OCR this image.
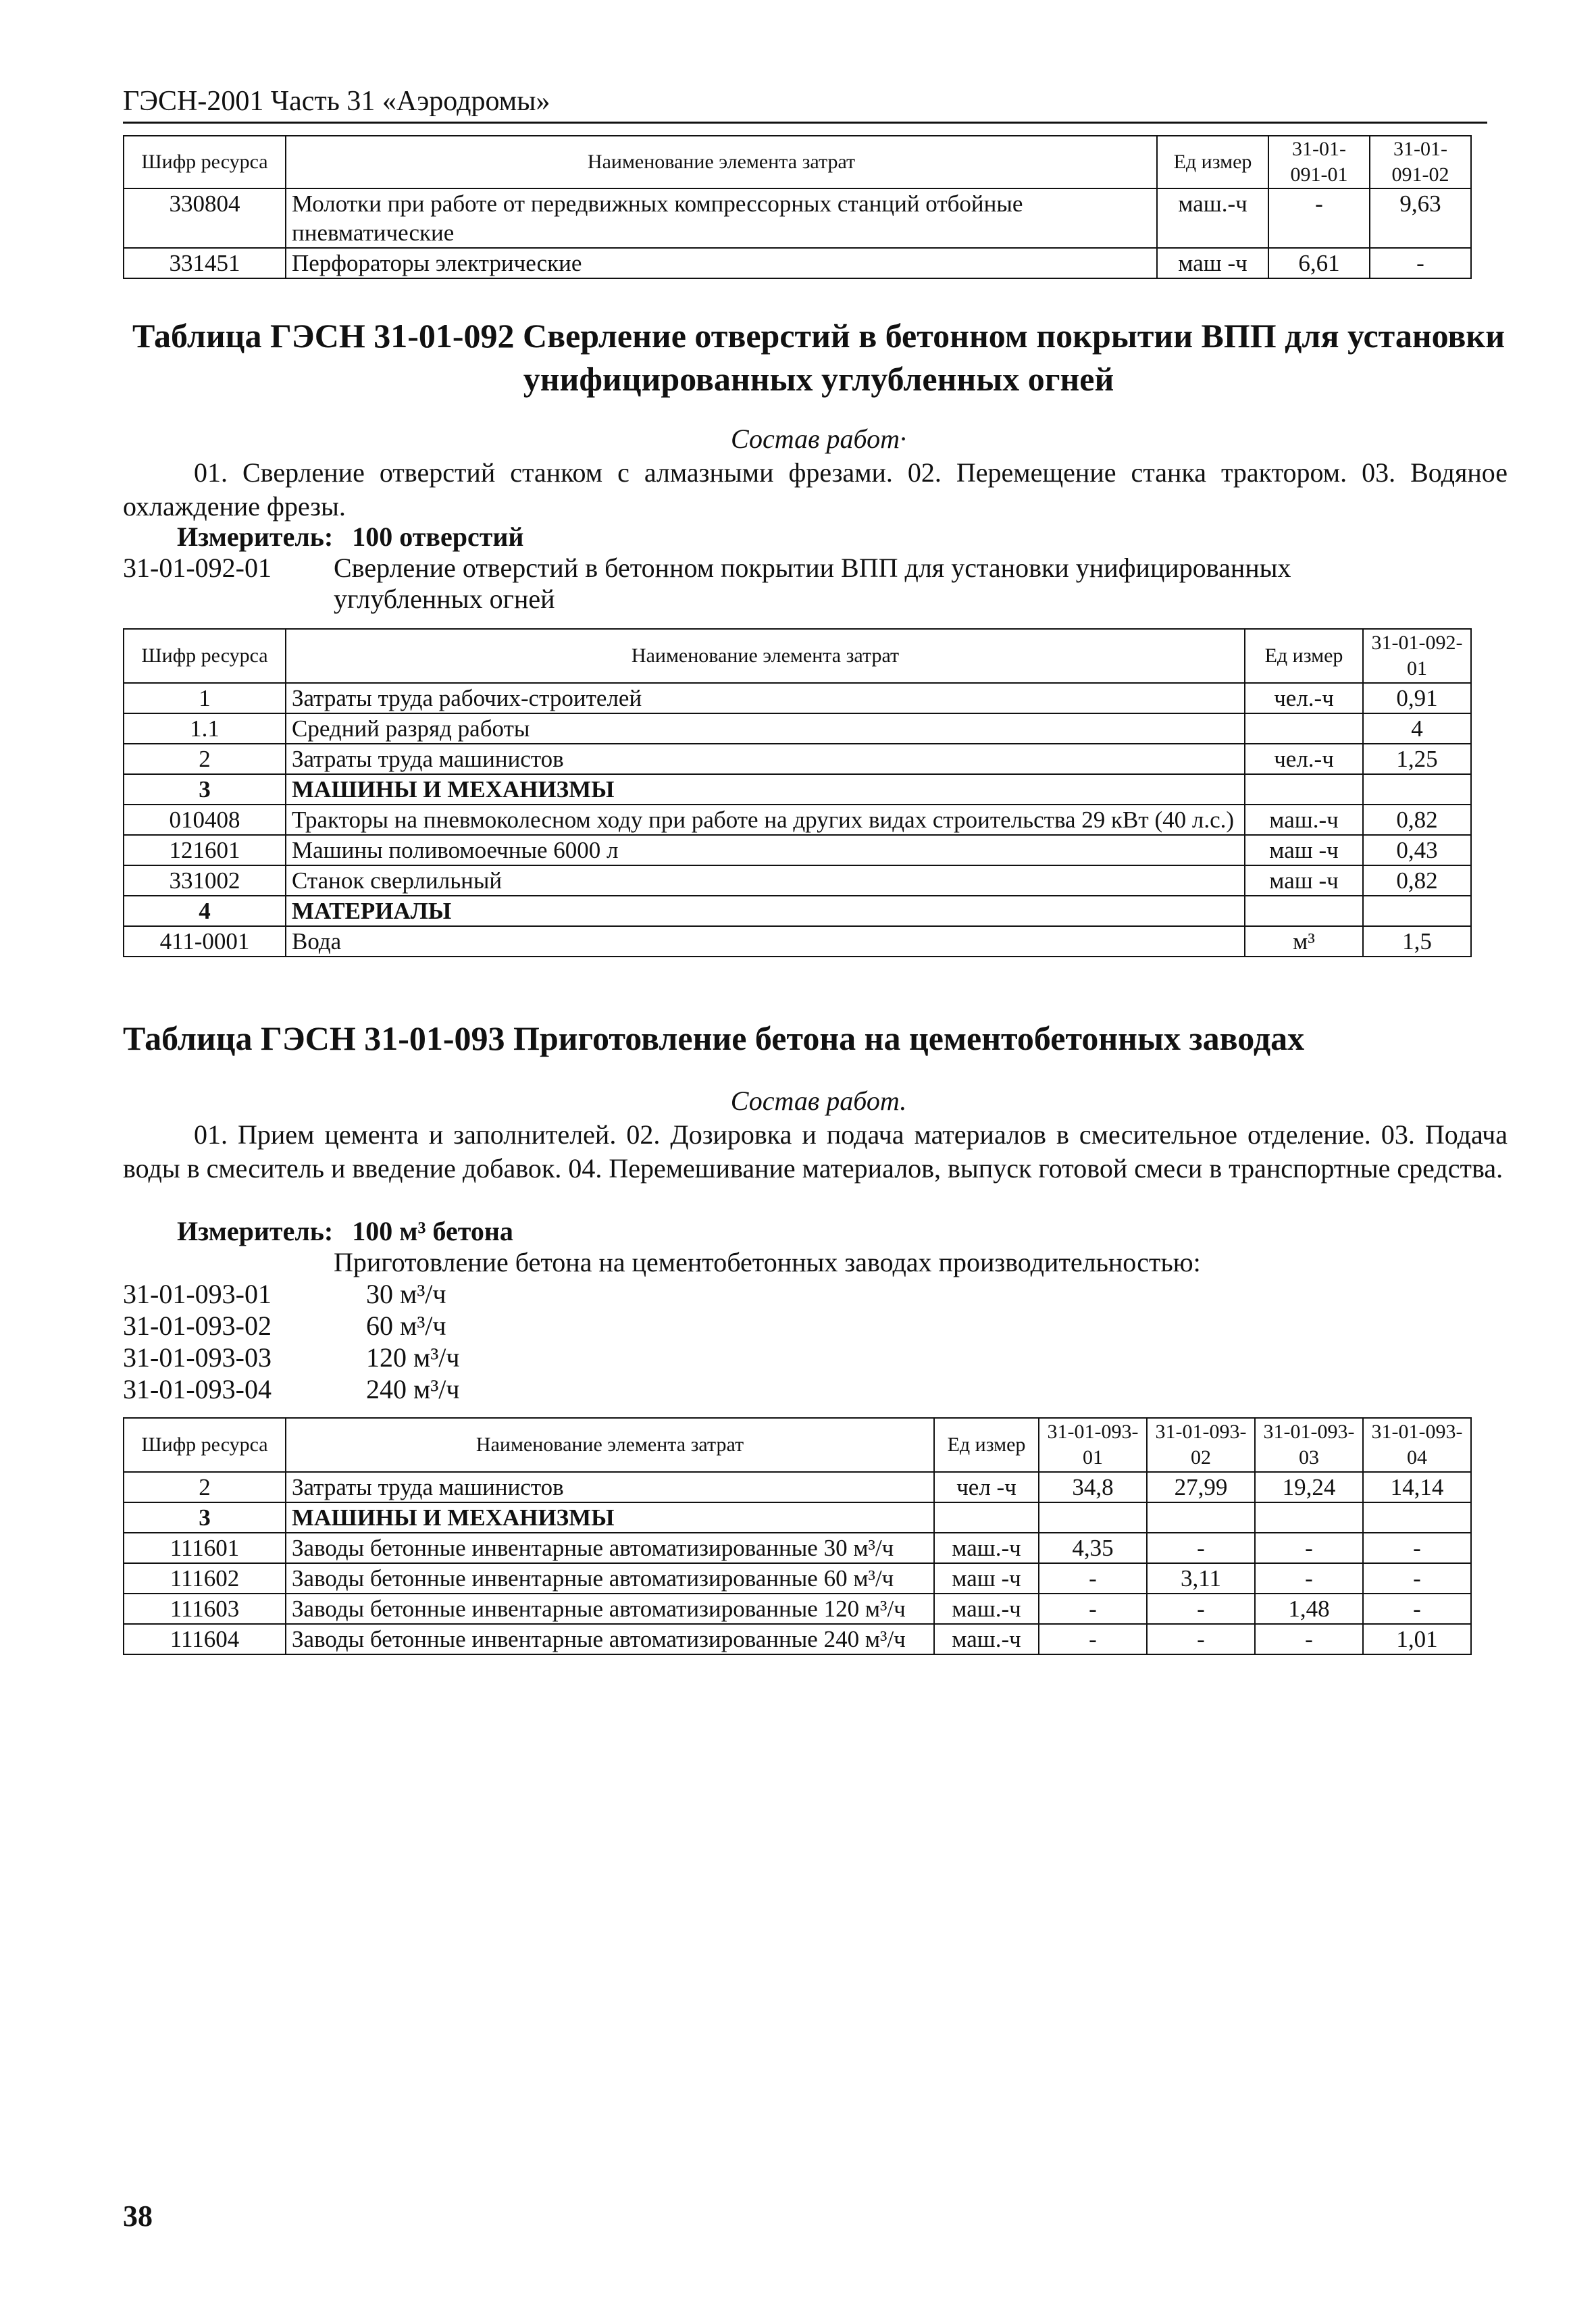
ГЭСН-2001 Часть 31 «Аэродромы»
Шифр ресурса	Наименование элемента затрат	Ед измер	31-01-091-01	31-01-091-02
330804	Молотки при работе от передвижных компрессорных станций отбойные пневматические	маш.-ч	-	9,63
331451	Перфораторы электрические	маш -ч	6,61	-
Таблица ГЭСН 31-01-092 Сверление отверстий в бетонном покрытии ВПП для установки унифицированных углубленных огней
Состав работ·
01. Сверление отверстий станком с алмазными фрезами. 02. Перемещение станка трактором. 03. Водяное охлаждение фрезы.
Измеритель: 100 отверстий
31-01-092-01	Сверление отверстий в бетонном покрытии ВПП для установки унифицированных углубленных огней
Шифр ресурса	Наименование элемента затрат	Ед измер	31-01-092-01
1	Затраты труда рабочих-строителей	чел.-ч	0,91
1.1	Средний разряд работы		4
2	Затраты труда машинистов	чел.-ч	1,25
3	МАШИНЫ И МЕХАНИЗМЫ		
010408	Тракторы на пневмоколесном ходу при работе на других видах строительства 29 кВт (40 л.с.)	маш.-ч	0,82
121601	Машины поливомоечные 6000 л	маш -ч	0,43
331002	Станок сверлильный	маш -ч	0,82
4	МАТЕРИАЛЫ		
411-0001	Вода	м³	1,5
Таблица ГЭСН 31-01-093 Приготовление бетона на цементобетонных заводах
Состав работ.
01. Прием цемента и заполнителей. 02. Дозировка и подача материалов в смесительное отделение. 03. Подача воды в смеситель и введение добавок. 04. Перемешивание материалов, выпуск готовой смеси в транспортные средства.
Измеритель: 100 м³ бетона
Приготовление бетона на цементобетонных заводах производительностью:
31-01-093-01	30 м³/ч
31-01-093-02	60 м³/ч
31-01-093-03	120 м³/ч
31-01-093-04	240 м³/ч
Шифр ресурса	Наименование элемента затрат	Ед измер	31-01-093-01	31-01-093-02	31-01-093-03	31-01-093-04
2	Затраты труда машинистов	чел -ч	34,8	27,99	19,24	14,14
3	МАШИНЫ И МЕХАНИЗМЫ					
111601	Заводы бетонные инвентарные автоматизированные 30 м³/ч	маш.-ч	4,35	-	-	-
111602	Заводы бетонные инвентарные автоматизированные 60 м³/ч	маш -ч	-	3,11	-	-
111603	Заводы бетонные инвентарные автоматизированные 120 м³/ч	маш.-ч	-	-	1,48	-
111604	Заводы бетонные инвентарные автоматизированные 240 м³/ч	маш.-ч	-	-	-	1,01
38
